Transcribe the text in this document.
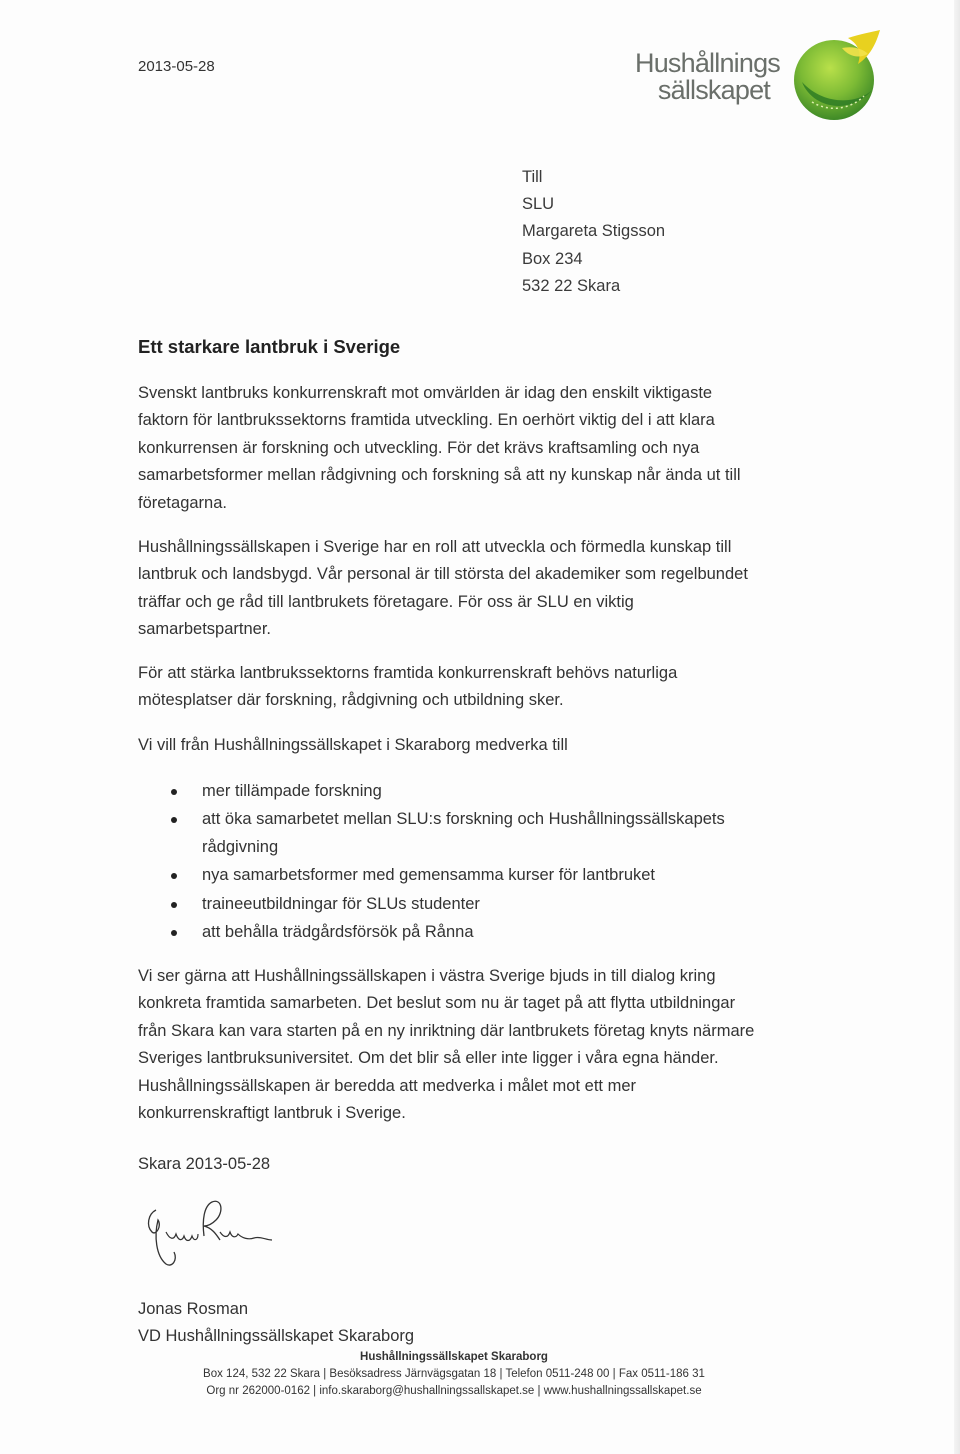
2013-05-28	Hushållnings
sällskapet
Till
SLU
Margareta Stigsson
Box 234
532 22 Skara
Ett starkare lantbruk i Sverige

Svenskt lantbruks konkurrenskraft mot omvärlden är idag den enskilt viktigaste faktorn för lantbrukssektorns framtida utveckling. En oerhört viktig del i att klara konkurrensen är forskning och utveckling. För det krävs kraftsamling och nya samarbetsformer mellan rådgivning och forskning så att ny kunskap når ända ut till företagarna.

Hushållningssällskapen i Sverige har en roll att utveckla och förmedla kunskap till lantbruk och landsbygd. Vår personal är till största del akademiker som regelbundet träffar och ge råd till lantbrukets företagare. För oss är SLU en viktig samarbetspartner.

För att stärka lantbrukssektorns framtida konkurrenskraft behövs naturliga mötesplatser där forskning, rådgivning och utbildning sker.

Vi vill från Hushållningssällskapet i Skaraborg medverka till

mer tillämpade forskning
att öka samarbetet mellan SLU:s forskning och Hushållningssällskapets rådgivning
nya samarbetsformer med gemensamma kurser för lantbruket
traineeutbildningar för SLUs studenter
att behålla trädgårdsförsök på Rånna

Vi ser gärna att Hushållningssällskapen i västra Sverige bjuds in till dialog kring konkreta framtida samarbeten. Det beslut som nu är taget på att flytta utbildningar från Skara kan vara starten på en ny inriktning där lantbrukets företag knyts närmare Sveriges lantbruksuniversitet. Om det blir så eller inte ligger i våra egna händer. Hushållningssällskapen är beredda att medverka i målet mot ett mer konkurrenskraftigt lantbruk i Sverige.

Skara 2013-05-28
Jonas Rosman
VD Hushållningssällskapet Skaraborg
Hushållningssällskapet Skaraborg
Box 124, 532 22 Skara | Besöksadress Järnvägsgatan 18 | Telefon 0511-248 00 | Fax 0511-186 31
Org nr 262000-0162 | info.skaraborg@hushallningssallskapet.se | www.hushallningssallskapet.se
